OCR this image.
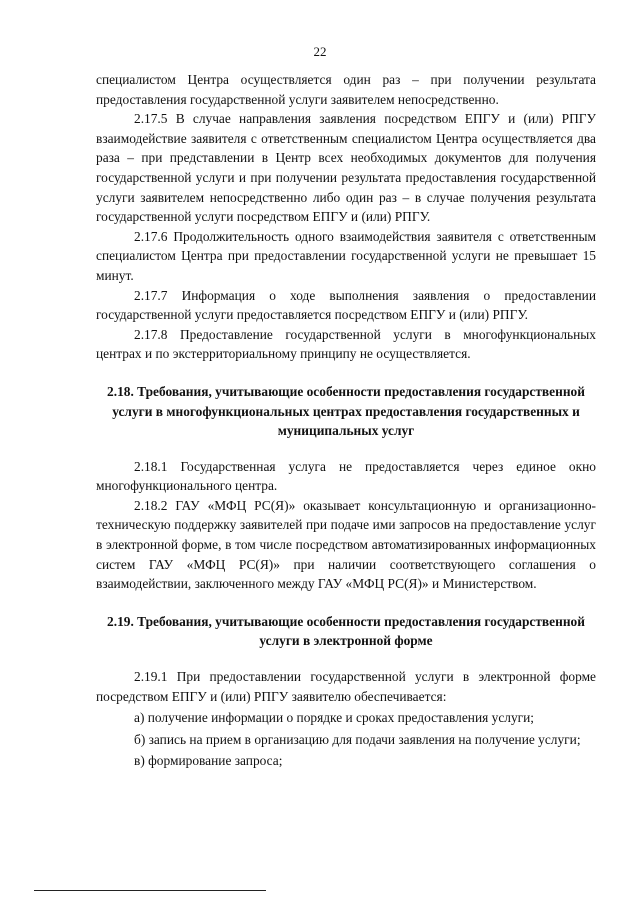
22

специалистом Центра осуществляется один раз – при получении результата предоставления государственной услуги заявителем непосредственно.

2.17.5 В случае направления заявления посредством ЕПГУ и (или) РПГУ взаимодействие заявителя с ответственным специалистом Центра осуществляется два раза – при представлении в Центр всех необходимых документов для получения государственной услуги и при получении результата предоставления государственной услуги заявителем непосредственно либо один раз – в случае получения результата государственной услуги посредством ЕПГУ и (или) РПГУ.

2.17.6 Продолжительность одного взаимодействия заявителя с ответственным специалистом Центра при предоставлении государственной услуги не превышает 15 минут.

2.17.7 Информация о ходе выполнения заявления о предоставлении государственной услуги предоставляется посредством ЕПГУ и (или) РПГУ.

2.17.8 Предоставление государственной услуги в многофункциональных центрах и по экстерриториальному принципу не осуществляется.

2.18. Требования, учитывающие особенности предоставления государственной услуги в многофункциональных центрах предоставления государственных и муниципальных услуг

2.18.1 Государственная услуга не предоставляется через единое окно многофункционального центра.

2.18.2 ГАУ «МФЦ РС(Я)» оказывает консультационную и организационно-техническую поддержку заявителей при подаче ими запросов на предоставление услуг в электронной форме, в том числе посредством автоматизированных информационных систем ГАУ «МФЦ РС(Я)» при наличии соответствующего соглашения о взаимодействии, заключенного между ГАУ «МФЦ РС(Я)» и Министерством.

2.19. Требования, учитывающие особенности предоставления государственной услуги в электронной форме

2.19.1 При предоставлении государственной услуги в электронной форме посредством ЕПГУ и (или) РПГУ заявителю обеспечивается:

а) получение информации о порядке и сроках предоставления услуги;

б) запись на прием в организацию для подачи заявления на получение услуги;

в) формирование запроса;
